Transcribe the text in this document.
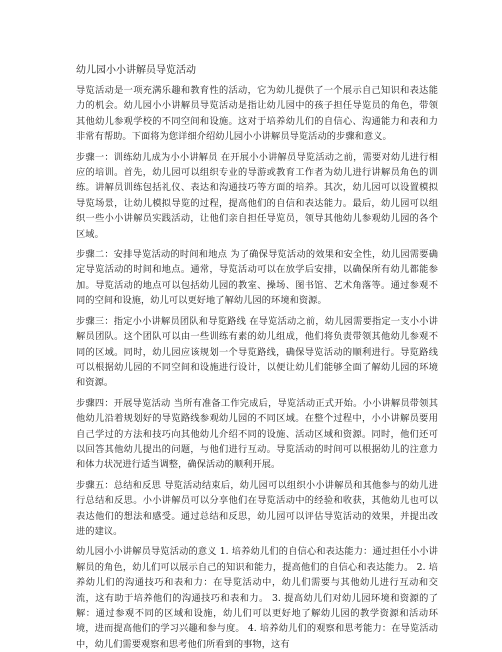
幼儿园小小讲解员导览活动

导览活动是一项充满乐趣和教育性的活动，它为幼儿提供了一个展示自己知识和表达能力的机会。幼儿园小小讲解员导览活动是指让幼儿园中的孩子担任导览员的角色，带领其他幼儿参观学校的不同空间和设施。这对于培养幼儿们的自信心、沟通能力和表和力非常有帮助。下面将为您详细介绍幼儿园小小讲解员导览活动的步骤和意义。

步骤一：训练幼儿成为小小讲解员 在开展小小讲解员导览活动之前，需要对幼儿进行相应的培训。首先，幼儿园可以组织专业的导游或教育工作者为幼儿进行讲解员角色的训练。讲解员训练包括礼仪、表达和沟通技巧等方面的培养。其次，幼儿园可以设置模拟导览场景，让幼儿模拟导览的过程，提高他们的自信和表达能力。最后，幼儿园可以组织一些小小讲解员实践活动，让他们亲自担任导览员，领导其他幼儿参观幼儿园的各个区域。

步骤二：安排导览活动的时间和地点 为了确保导览活动的效果和安全性，幼儿园需要确定导览活动的时间和地点。通常，导览活动可以在放学后安排，以确保所有幼儿都能参加。导览活动的地点可以包括幼儿园的教室、操场、图书馆、艺术角落等。通过参观不同的空间和设施，幼儿可以更好地了解幼儿园的环境和资源。

步骤三：指定小小讲解员团队和导览路线 在导览活动之前，幼儿园需要指定一支小小讲解员团队。这个团队可以由一些训练有素的幼儿组成，他们将负责带领其他幼儿参观不同的区域。同时，幼儿园应该规划一个导览路线，确保导览活动的顺利进行。导览路线可以根据幼儿园的不同空间和设施进行设计，以便让幼儿们能够全面了解幼儿园的环境和资源。

步骤四：开展导览活动 当所有准备工作完成后，导览活动正式开始。小小讲解员带领其他幼儿沿着规划好的导览路线参观幼儿园的不同区域。在整个过程中，小小讲解员要用自己学过的方法和技巧向其他幼儿介绍不同的设施、活动区域和资源。同时，他们还可以回答其他幼儿提出的问题，与他们进行互动。导览活动的时间可以根据幼儿的注意力和体力状况进行适当调整，确保活动的顺利开展。

步骤五：总结和反思 导览活动结束后，幼儿园可以组织小小讲解员和其他参与的幼儿进行总结和反思。小小讲解员可以分享他们在导览活动中的经验和收获，其他幼儿也可以表达他们的想法和感受。通过总结和反思，幼儿园可以评估导览活动的效果，并提出改进的建议。

幼儿园小小讲解员导览活动的意义 1. 培养幼儿们的自信心和表达能力：通过担任小小讲解员的角色，幼儿们可以展示自己的知识和能力，提高他们的自信心和表达能力。 2. 培养幼儿们的沟通技巧和表和力：在导览活动中，幼儿们需要与其他幼儿进行互动和交流，这有助于培养他们的沟通技巧和表和力。 3. 提高幼儿们对幼儿园环境和资源的了解：通过参观不同的区域和设施，幼儿们可以更好地了解幼儿园的教学资源和活动环境，进而提高他们的学习兴趣和参与度。 4. 培养幼儿们的观察和思考能力：在导览活动中，幼儿们需要观察和思考他们所看到的事物，这有
